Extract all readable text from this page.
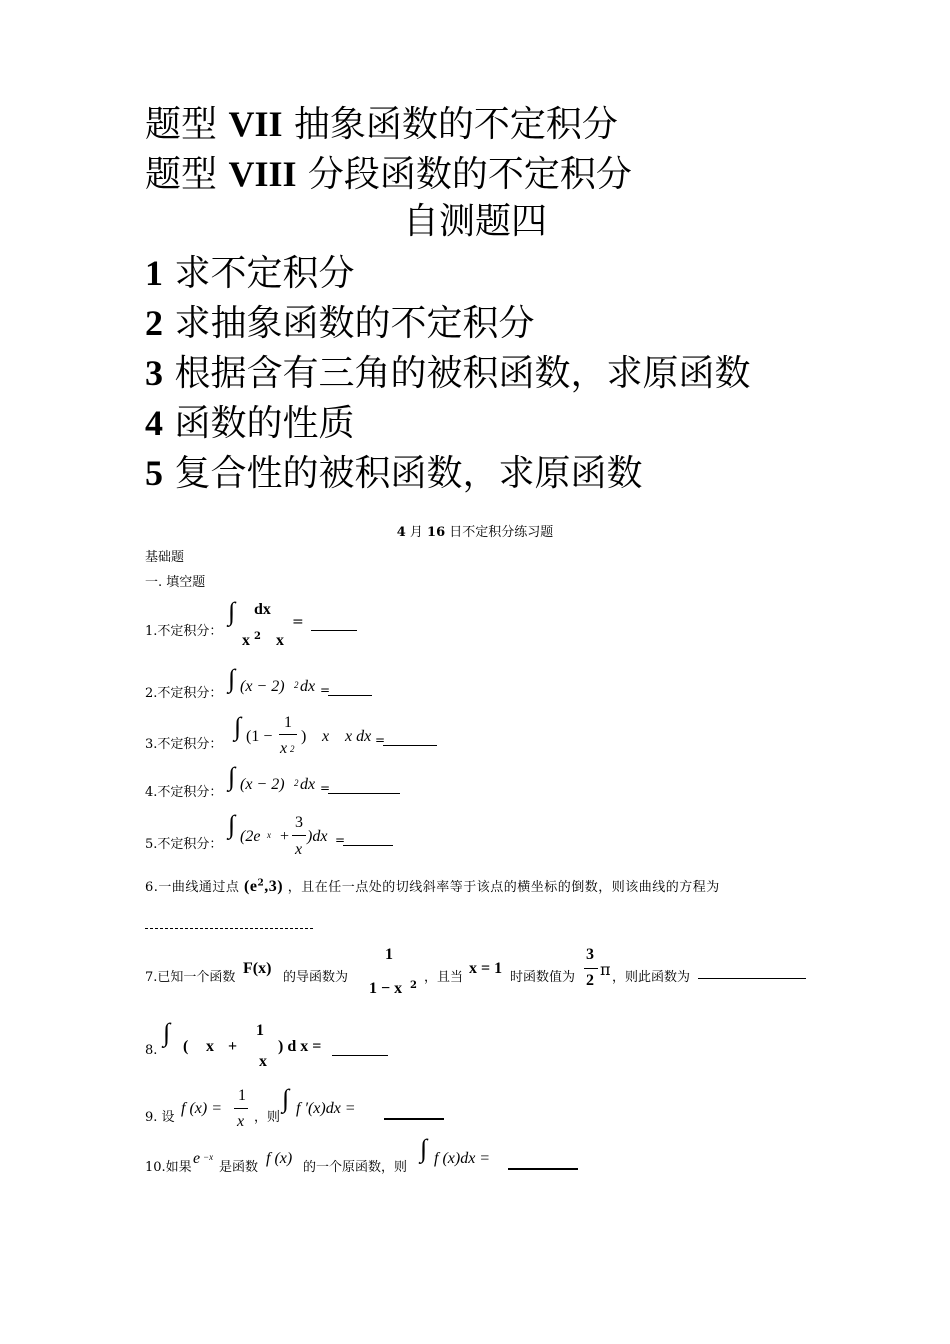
题型 VII 抽象函数的不定积分
题型 VIII 分段函数的不定积分
自测题四
1 求不定积分
2 求抽象函数的不定积分
3 根据含有三角的被积函数，求原函数
4 函数的性质
5 复合性的被积函数，求原函数
4 月 16 日不定积分练习题
基础题
一. 填空题
1.不定积分：
∫ dx
x 2 x
=
2.不定积分：
∫ (x − 2) 2 dx =
3.不定积分：
∫ (1 −
1
x 2
) x x dx =
4.不定积分：
∫ (x − 2) 2 dx =
5.不定积分：
∫ (2e x +
3
x
)dx =
6.一曲线通过点 $(e^2,3)$ ，且在任一点处的切线斜率等于该点的横坐标的倒数，则该曲线的方程为
7.已知一个函数
F(x)
的导函数为
1
1 − x 2
，且当
x = 1
时函数值为
3
2
π ，则此函数为
8.
∫ ( x +
1
x
) d x =
9. 设
f (x) =
1
x ，则
∫ f ′(x)dx =
10.如果
e −x
是函数
f (x)
的一个原函数，则
∫ f (x)dx =
